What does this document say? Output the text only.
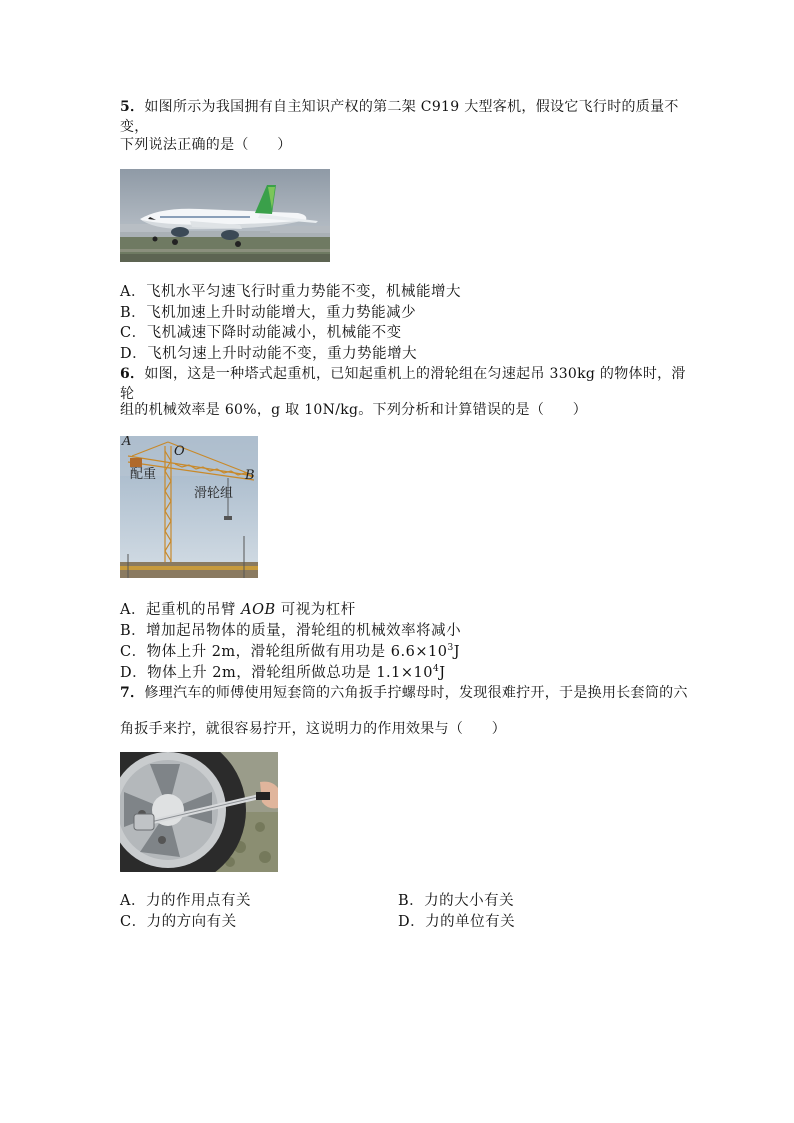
5．如图所示为我国拥有自主知识产权的第二架 C919 大型客机，假设它飞行时的质量不变，
下列说法正确的是（　　）
A．飞机水平匀速飞行时重力势能不变，机械能增大
B．飞机加速上升时动能增大，重力势能减少
C．飞机减速下降时动能减小，机械能不变
D．飞机匀速上升时动能不变，重力势能增大
6．如图，这是一种塔式起重机，已知起重机上的滑轮组在匀速起吊 330kg 的物体时，滑轮
组的机械效率是 60%，g 取 10N/kg。下列分析和计算错误的是（　　）
A
O
B
配重
滑轮组
A．起重机的吊臂 AOB 可视为杠杆
B．增加起吊物体的质量，滑轮组的机械效率将减小
C．物体上升 2m，滑轮组所做有用功是 $6.6\times 10^3J$
D．物体上升 2m，滑轮组所做总功是 $1.1\times 10^4J$
7．修理汽车的师傅使用短套筒的六角扳手拧螺母时，发现很难拧开，于是换用长套筒的六
角扳手来拧，就很容易拧开，这说明力的作用效果与（　　）
A．力的作用点有关	B．力的大小有关
C．力的方向有关	D．力的单位有关
